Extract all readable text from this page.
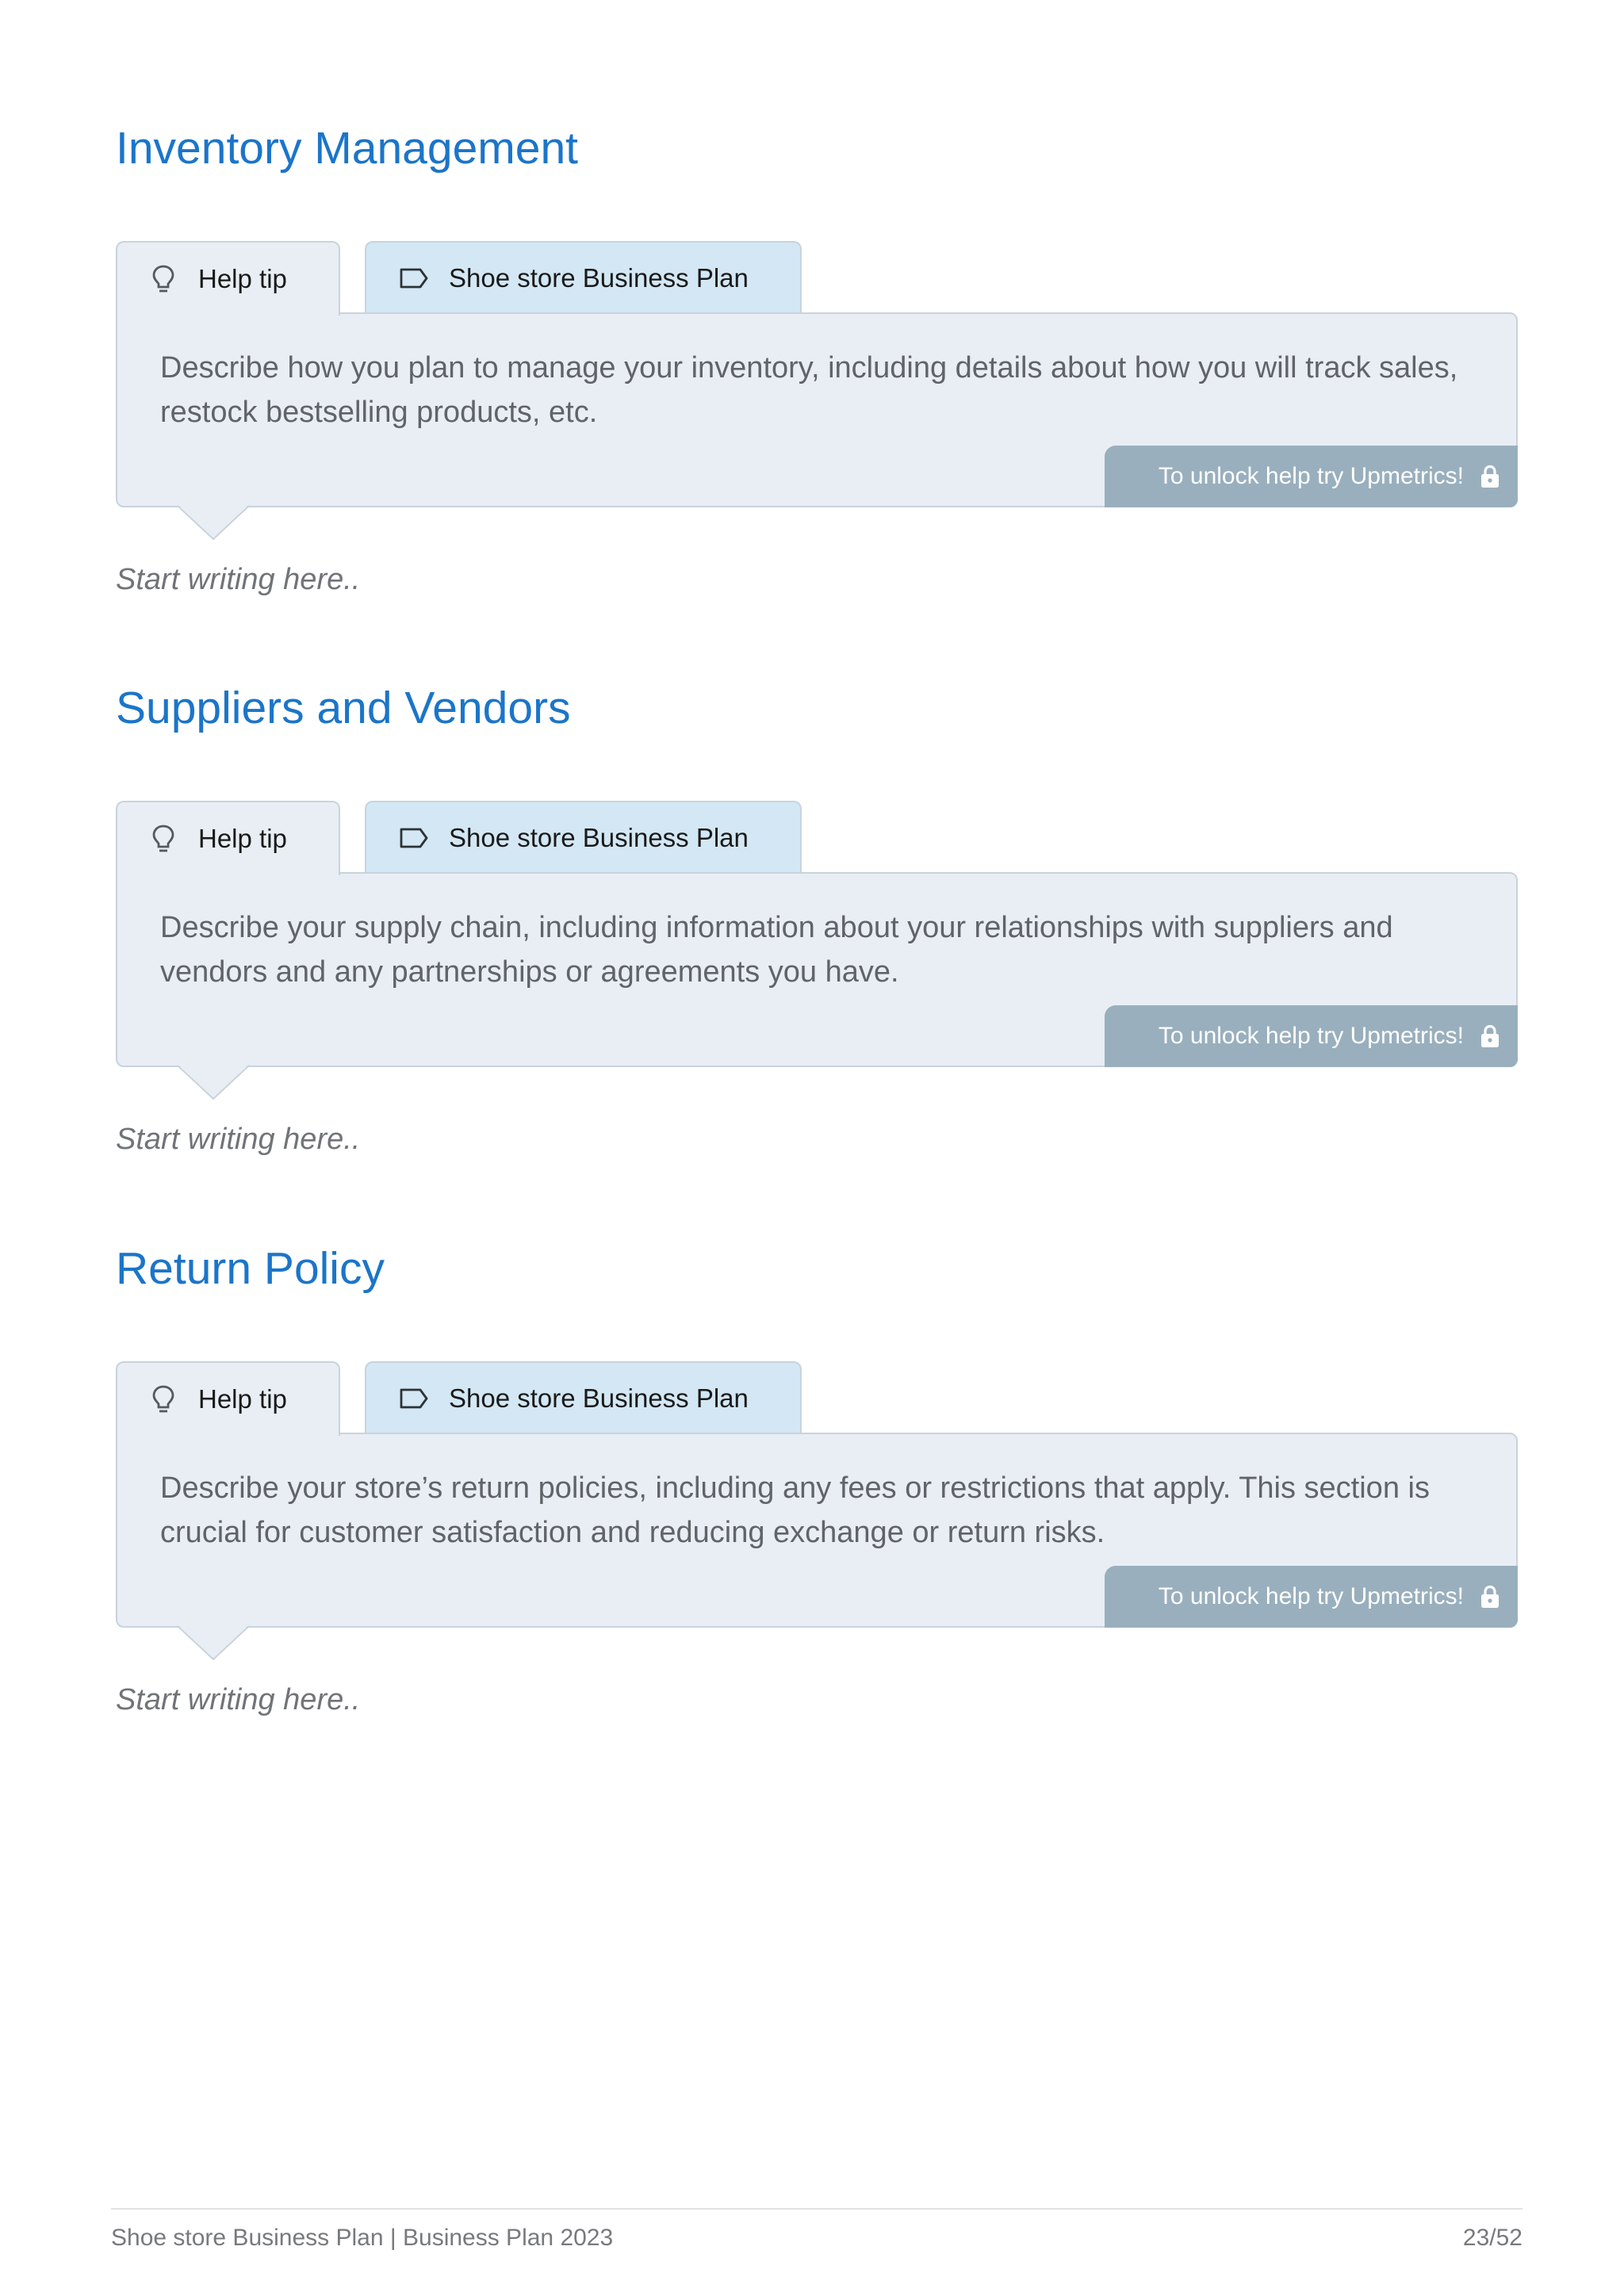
Inventory Management
Help tip	Shoe store Business Plan

Describe how you plan to manage your inventory, including details about how you will track sales, restock bestselling products, etc.

To unlock help try Upmetrics!

Start writing here..

Suppliers and Vendors
Help tip	Shoe store Business Plan

Describe your supply chain, including information about your relationships with suppliers and vendors and any partnerships or agreements you have.

To unlock help try Upmetrics!

Start writing here..

Return Policy
Help tip	Shoe store Business Plan

Describe your store’s return policies, including any fees or restrictions that apply. This section is crucial for customer satisfaction and reducing exchange or return risks.

To unlock help try Upmetrics!

Start writing here..

Shoe store Business Plan | Business Plan 2023	23/52
